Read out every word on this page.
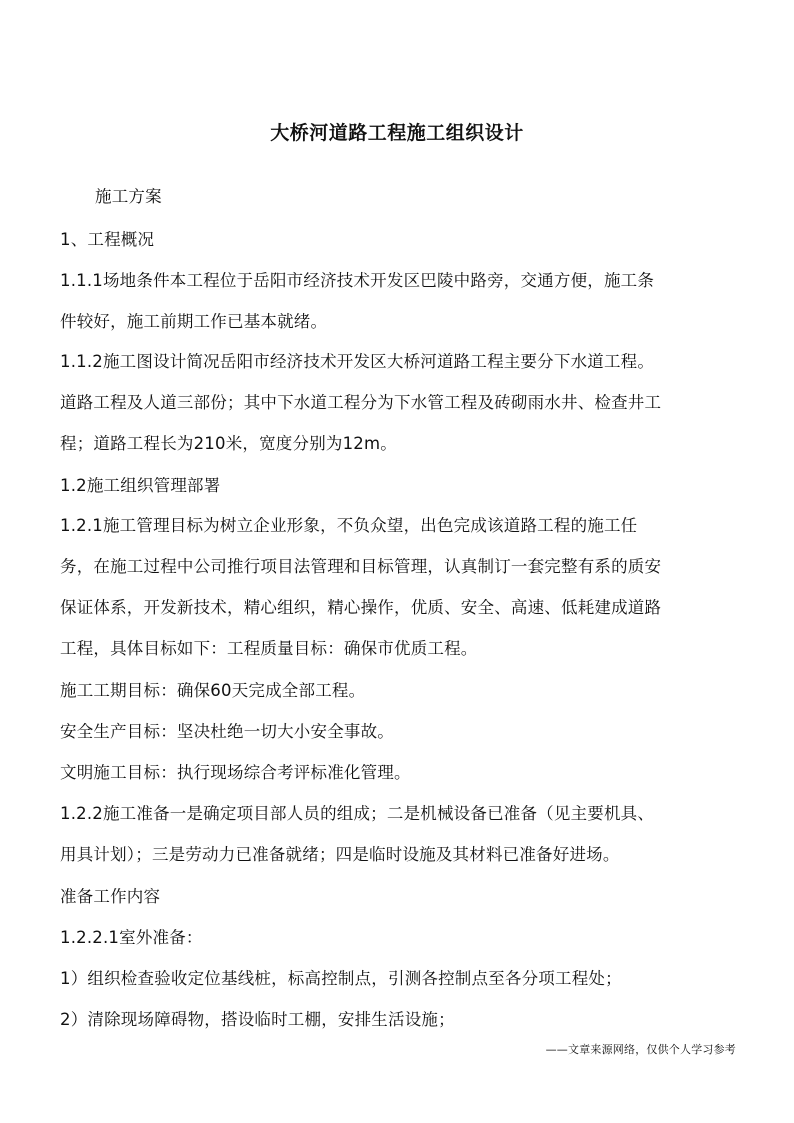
大桥河道路工程施工组织设计
施工方案
1、工程概况
1.1.1场地条件本工程位于岳阳市经济技术开发区巴陵中路旁，交通方便，施工条
件较好，施工前期工作已基本就绪。
1.1.2施工图设计简况岳阳市经济技术开发区大桥河道路工程主要分下水道工程。
道路工程及人道三部份；其中下水道工程分为下水管工程及砖砌雨水井、检查井工
程；道路工程长为210米，宽度分别为12m。
1.2施工组织管理部署
1.2.1施工管理目标为树立企业形象，不负众望，出色完成该道路工程的施工任
务，在施工过程中公司推行项目法管理和目标管理，认真制订一套完整有系的质安
保证体系，开发新技术，精心组织，精心操作，优质、安全、高速、低耗建成道路
工程，具体目标如下：工程质量目标：确保市优质工程。
施工工期目标：确保60天完成全部工程。
安全生产目标：坚决杜绝一切大小安全事故。
文明施工目标：执行现场综合考评标准化管理。
1.2.2施工准备一是确定项目部人员的组成；二是机械设备已准备（见主要机具、
用具计划）；三是劳动力已准备就绪；四是临时设施及其材料已准备好进场。
准备工作内容
1.2.2.1室外准备：
1）组织检查验收定位基线桩，标高控制点，引测各控制点至各分项工程处；
2）清除现场障碍物，搭设临时工棚，安排生活设施；
——文章来源网络，仅供个人学习参考
